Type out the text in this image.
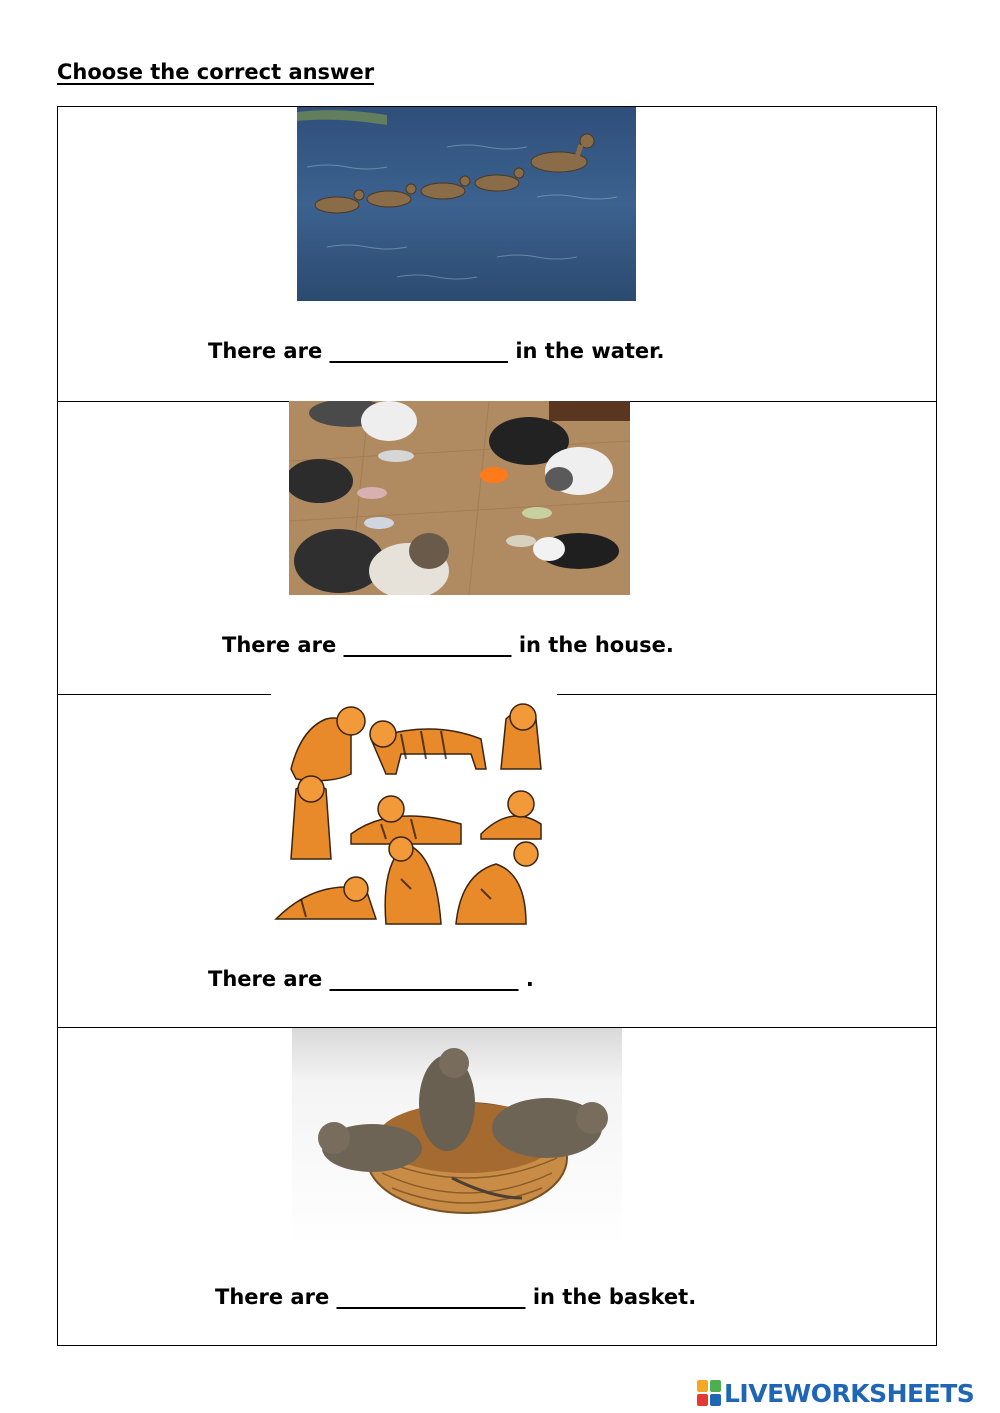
Choose the correct answer
There are _________________ in the water.
There are ________________ in the house.
There are __________________ .
There are __________________ in the basket.
LIVEWORKSHEETS
